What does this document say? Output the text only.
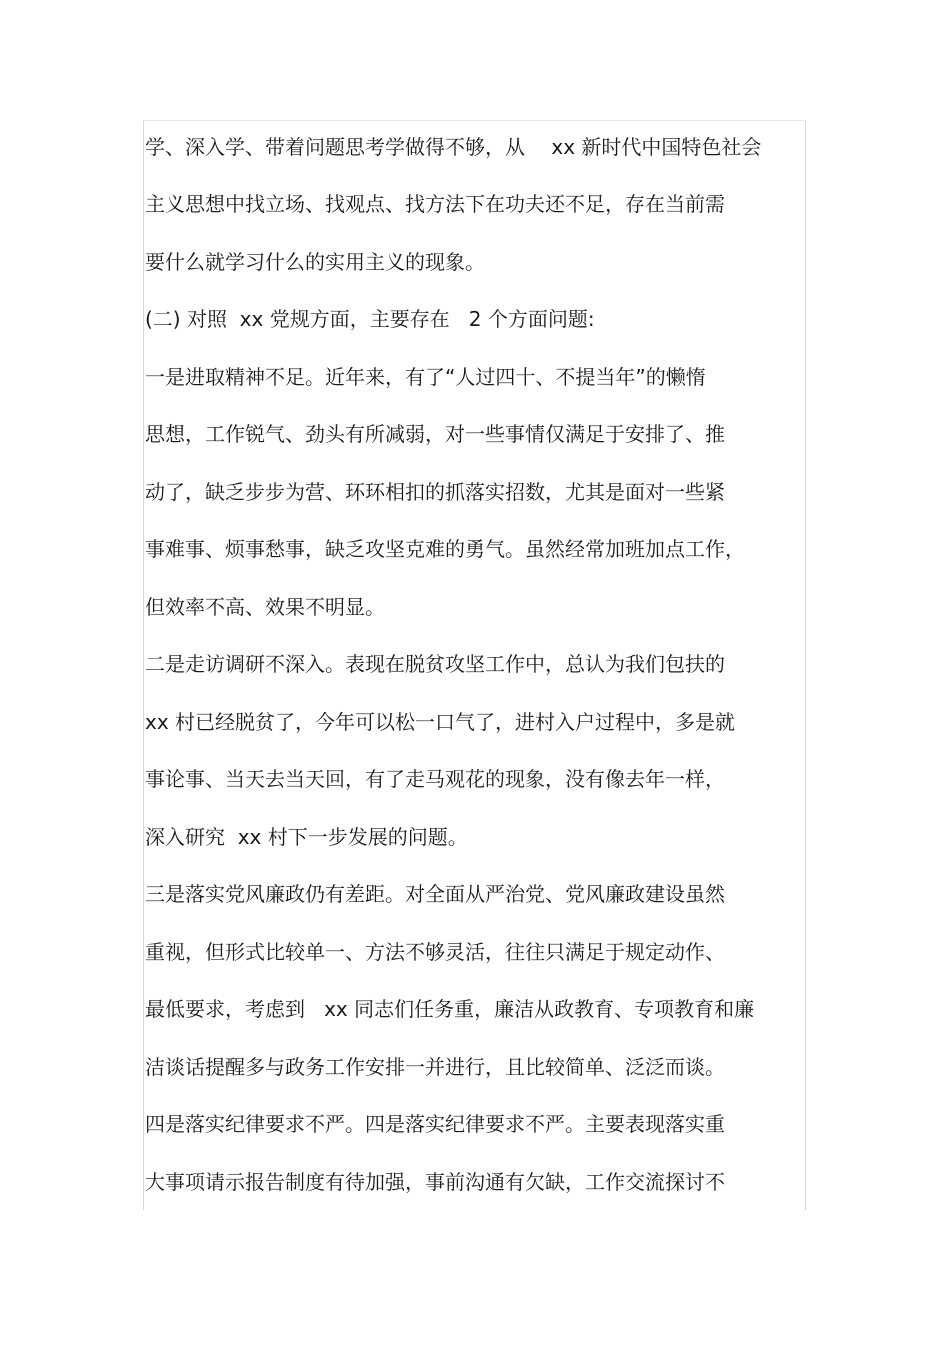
学、深入学、带着问题思考学做得不够，从　 xx 新时代中国特色社会
主义思想中找立场、找观点、找方法下在功夫还不足，存在当前需
要什么就学习什么的实用主义的现象。
(二) 对照  xx 党规方面，主要存在   2 个方面问题:
一是进取精神不足。近年来，有了“人过四十、不提当年”的懒惰
思想，工作锐气、劲头有所减弱，对一些事情仅满足于安排了、推
动了，缺乏步步为营、环环相扣的抓落实招数，尤其是面对一些紧
事难事、烦事愁事，缺乏攻坚克难的勇气。虽然经常加班加点工作，
但效率不高、效果不明显。
二是走访调研不深入。表现在脱贫攻坚工作中，总认为我们包扶的
xx 村已经脱贫了，今年可以松一口气了，进村入户过程中，多是就
事论事、当天去当天回，有了走马观花的现象，没有像去年一样，
深入研究  xx 村下一步发展的问题。
三是落实党风廉政仍有差距。对全面从严治党、党风廉政建设虽然
重视，但形式比较单一、方法不够灵活，往往只满足于规定动作、
最低要求，考虑到   xx 同志们任务重，廉洁从政教育、专项教育和廉
洁谈话提醒多与政务工作安排一并进行，且比较简单、泛泛而谈。
四是落实纪律要求不严。四是落实纪律要求不严。主要表现落实重
大事项请示报告制度有待加强，事前沟通有欠缺，工作交流探讨不
